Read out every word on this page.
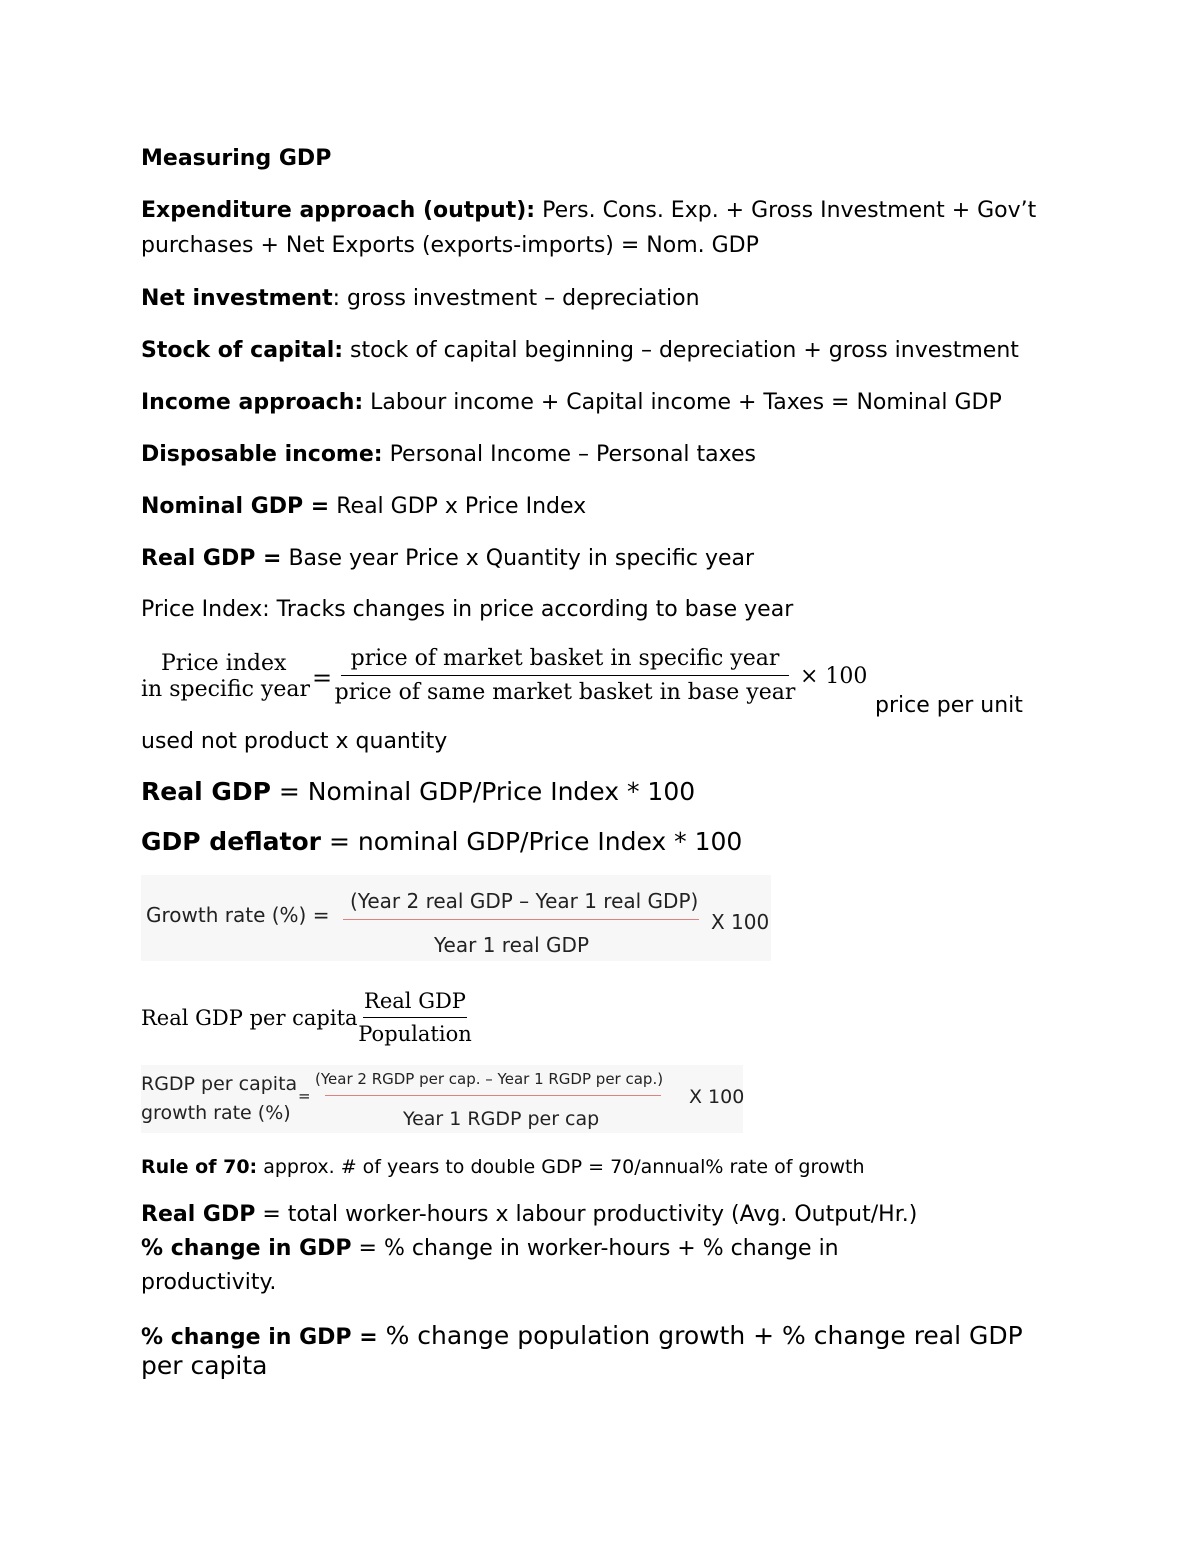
Measuring GDP
Expenditure approach (output): Pers. Cons. Exp. + Gross Investment + Gov’t
purchases + Net Exports (exports-imports) = Nom. GDP
Net investment: gross investment – depreciation
Stock of capital: stock of capital beginning – depreciation + gross investment
Income approach: Labour income + Capital income + Taxes = Nominal GDP
Disposable income: Personal Income – Personal taxes
Nominal GDP = Real GDP x Price Index
Real GDP = Base year Price x Quantity in specific year
Price Index: Tracks changes in price according to base year
Price index
in specific year =
price of market basket in specific year
price of same market basket in base year
× 100
price per unit
used not product x quantity
Real GDP = Nominal GDP/Price Index * 100
GDP deflator = nominal GDP/Price Index * 100
Growth rate (%) =
(Year 2 real GDP – Year 1 real GDP)
Year 1 real GDP
X 100
Real GDP per capita
Real GDP
Population
RGDP per capita
growth rate (%)
=
(Year 2 RGDP per cap. – Year 1 RGDP per cap.)
Year 1 RGDP per cap
X 100
Rule of 70: approx. # of years to double GDP = 70/annual% rate of growth
Real GDP = total worker-hours x labour productivity (Avg. Output/Hr.)
% change in GDP = % change in worker-hours + % change in
productivity.
% change in GDP = % change population growth + % change real GDP
per capita
